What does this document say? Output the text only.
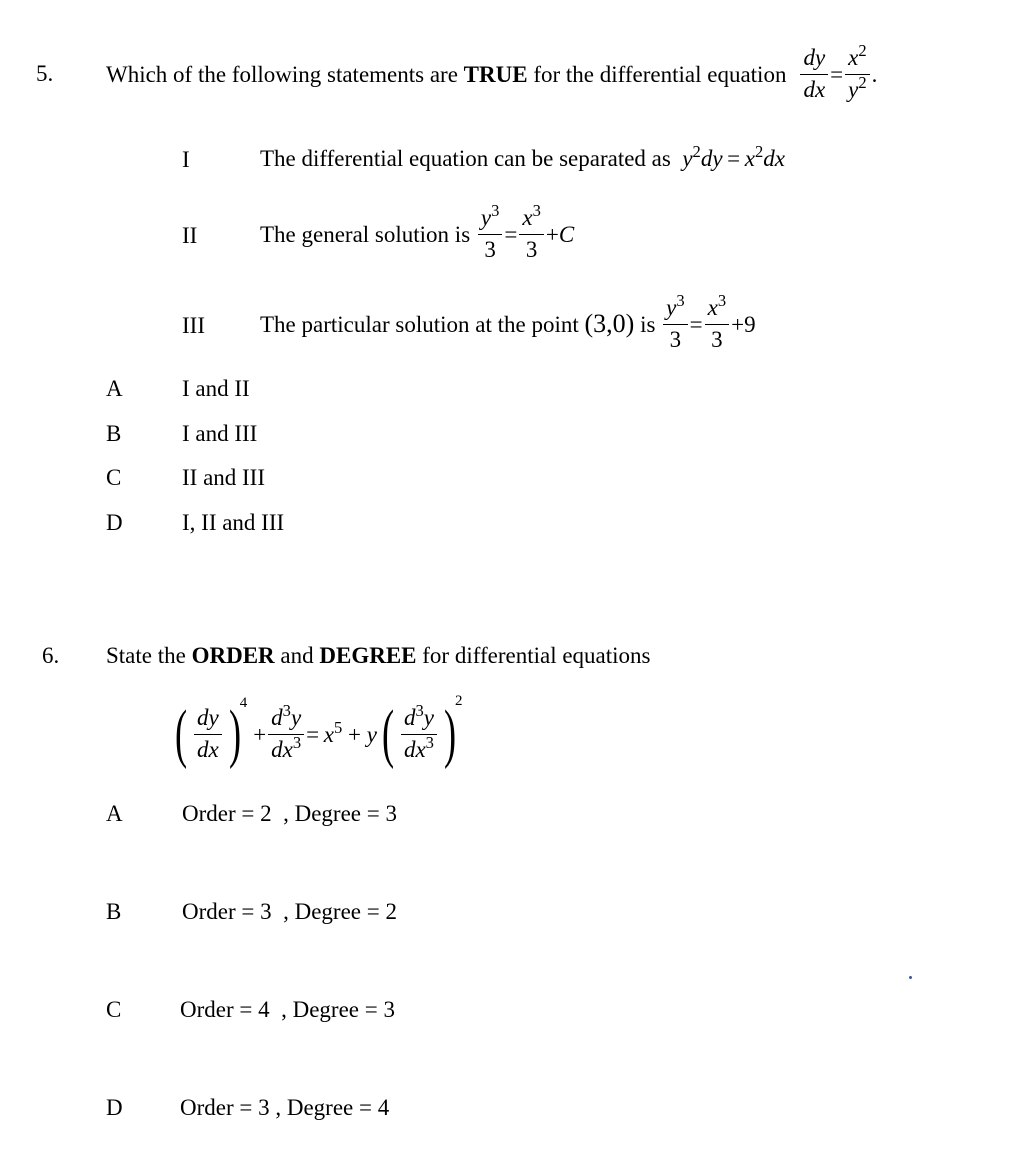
5. Which of the following statements are
TRUE
for the differential equation $\frac{dy}{dx} = \frac{x^2}{y^2}$ .
I	The differential equation can be separated as
$y^2dy = x^2dx$
II	The general solution is
$\frac{y^3}{3} = \frac{x^3}{3} + C$
III The particular solution at the point
(3,0)
is
$\frac{y^3}{3} = \frac{x^3}{3} +9$
A	I and II
B	I and III
C	II and III
D	I, II and III
6. State the ORDER and DEGREE for differential equations
( $\frac{dy}{dx}$ )
4
+ $\frac{d^3y}{dx^3}$ =
  $x^5$
+
y ( $\frac{d^3y}{dx^3}$ )
2
A	Order = 2  , Degree = 3
B	Order = 3  , Degree = 2
C	Order = 4  , Degree = 3
D Order = 3 , Degree = 4
